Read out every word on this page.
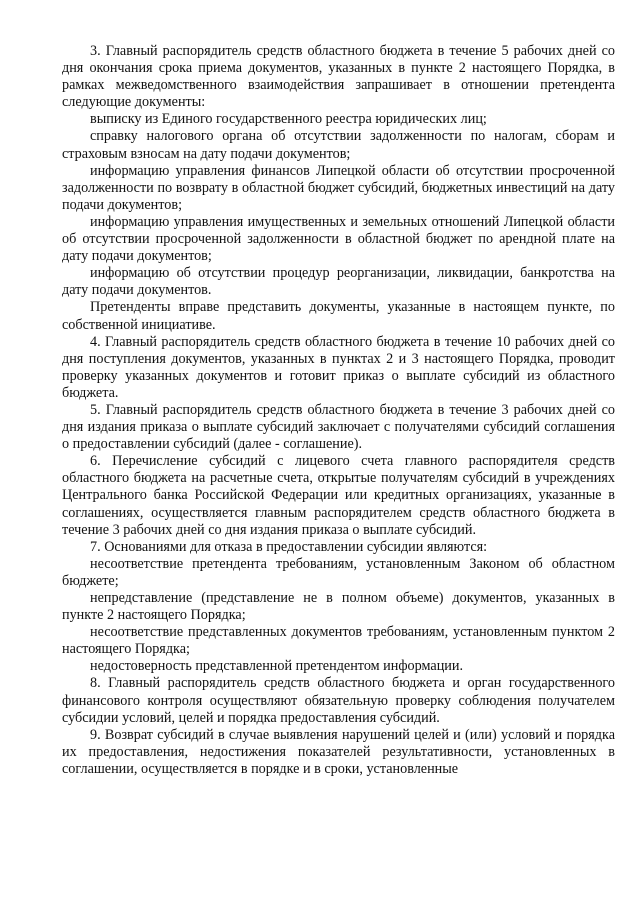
3. Главный распорядитель средств областного бюджета в течение 5 рабочих дней со дня окончания срока приема документов, указанных в пункте 2 настоящего Порядка, в рамках межведомственного взаимодействия запрашивает в отношении претендента следующие документы:

выписку из Единого государственного реестра юридических лиц;

справку налогового органа об отсутствии задолженности по налогам, сборам и страховым взносам на дату подачи документов;

информацию управления финансов Липецкой области об отсутствии просроченной задолженности по возврату в областной бюджет субсидий, бюджетных инвестиций на дату подачи документов;

информацию управления имущественных и земельных отношений Липецкой области об отсутствии просроченной задолженности в областной бюджет по арендной плате на дату подачи документов;

информацию об отсутствии процедур реорганизации, ликвидации, банкротства на дату подачи документов.

Претенденты вправе представить документы, указанные в настоящем пункте, по собственной инициативе.

4. Главный распорядитель средств областного бюджета в течение 10 рабочих дней со дня поступления документов, указанных в пунктах 2 и 3 настоящего Порядка, проводит проверку указанных документов и готовит приказ о выплате субсидий из областного бюджета.

5. Главный распорядитель средств областного бюджета в течение 3 рабочих дней со дня издания приказа о выплате субсидий заключает с получателями субсидий соглашения о предоставлении субсидий (далее - соглашение).

6. Перечисление субсидий с лицевого счета главного распорядителя средств областного бюджета на расчетные счета, открытые получателям субсидий в учреждениях Центрального банка Российской Федерации или кредитных организациях, указанные в соглашениях, осуществляется главным распорядителем средств областного бюджета в течение 3 рабочих дней со дня издания приказа о выплате субсидий.

7. Основаниями для отказа в предоставлении субсидии являются:

несоответствие претендента требованиям, установленным Законом об областном бюджете;

непредставление (представление не в полном объеме) документов, указанных в пункте 2 настоящего Порядка;

несоответствие представленных документов требованиям, установленным пунктом 2 настоящего Порядка;

недостоверность представленной претендентом информации.

8. Главный распорядитель средств областного бюджета и орган государственного финансового контроля осуществляют обязательную проверку соблюдения получателем субсидии условий, целей и порядка предоставления субсидий.

9. Возврат субсидий в случае выявления нарушений целей и (или) условий и порядка их предоставления, недостижения показателей результативности, установленных в соглашении, осуществляется в порядке и в сроки, установленные
